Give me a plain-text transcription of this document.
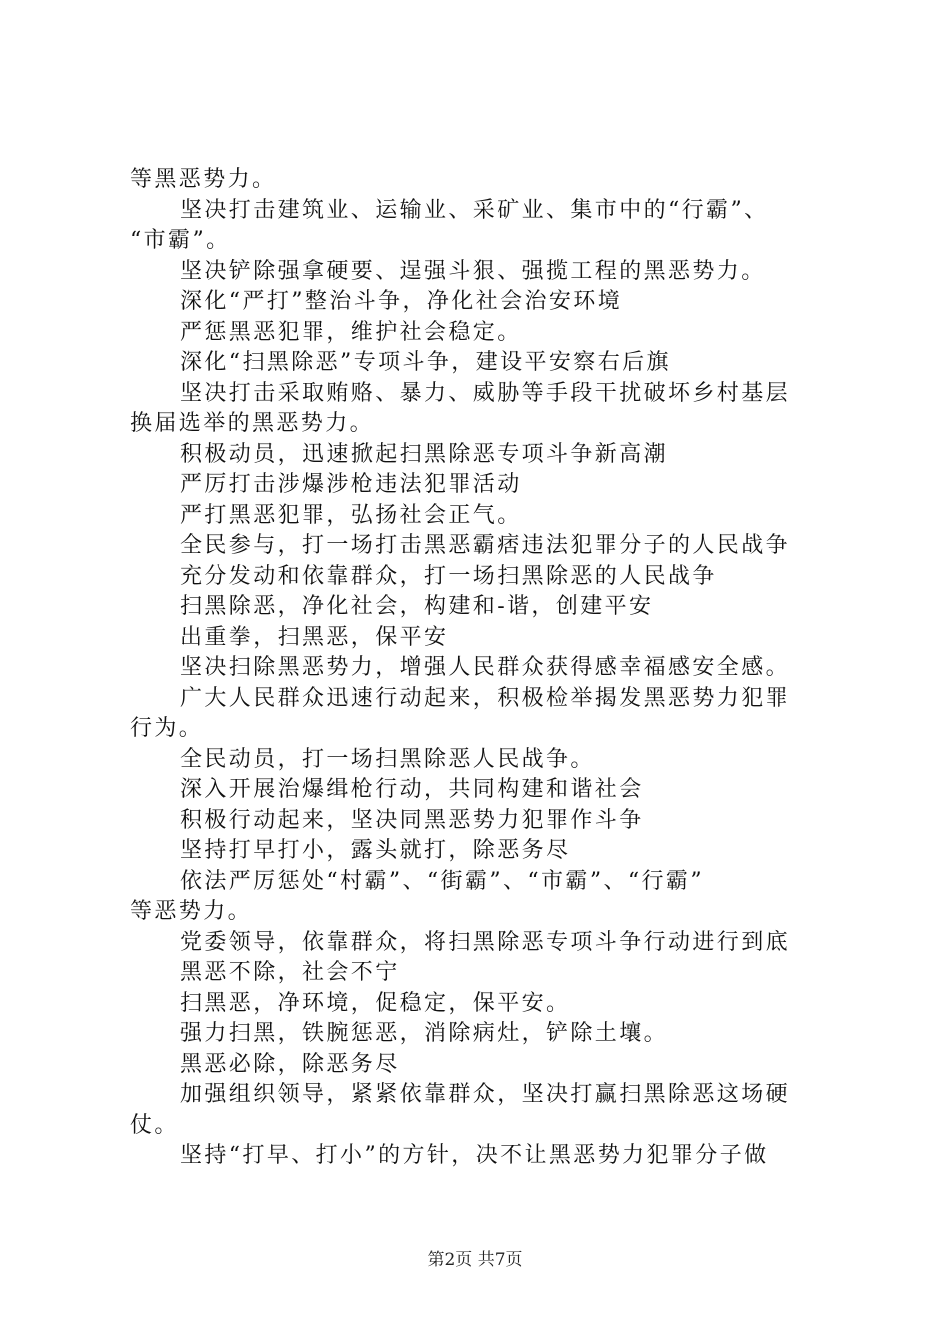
等黑恶势力。
坚决打击建筑业、运输业、采矿业、集市中的“行霸”、
“市霸”。
坚决铲除强拿硬要、逞强斗狠、强揽工程的黑恶势力。
深化“严打”整治斗争，净化社会治安环境
严惩黑恶犯罪，维护社会稳定。
深化“扫黑除恶”专项斗争，建设平安察右后旗
坚决打击采取贿赂、暴力、威胁等手段干扰破坏乡村基层
换届选举的黑恶势力。
积极动员，迅速掀起扫黑除恶专项斗争新高潮
严厉打击涉爆涉枪违法犯罪活动
严打黑恶犯罪，弘扬社会正气。
全民参与，打一场打击黑恶霸痞违法犯罪分子的人民战争
充分发动和依靠群众，打一场扫黑除恶的人民战争
扫黑除恶，净化社会，构建和-谐，创建平安
出重拳，扫黑恶，保平安
坚决扫除黑恶势力，增强人民群众获得感幸福感安全感。
广大人民群众迅速行动起来，积极检举揭发黑恶势力犯罪
行为。
全民动员，打一场扫黑除恶人民战争。
深入开展治爆缉枪行动，共同构建和谐社会
积极行动起来，坚决同黑恶势力犯罪作斗争
坚持打早打小，露头就打，除恶务尽
依法严厉惩处“村霸”、“街霸”、“市霸”、“行霸”
等恶势力。
党委领导，依靠群众，将扫黑除恶专项斗争行动进行到底
黑恶不除，社会不宁
扫黑恶，净环境，促稳定，保平安。
强力扫黑，铁腕惩恶，消除病灶，铲除土壤。
黑恶必除，除恶务尽
加强组织领导，紧紧依靠群众，坚决打赢扫黑除恶这场硬
仗。
坚持“打早、打小”的方针，决不让黑恶势力犯罪分子做
第2页 共7页
